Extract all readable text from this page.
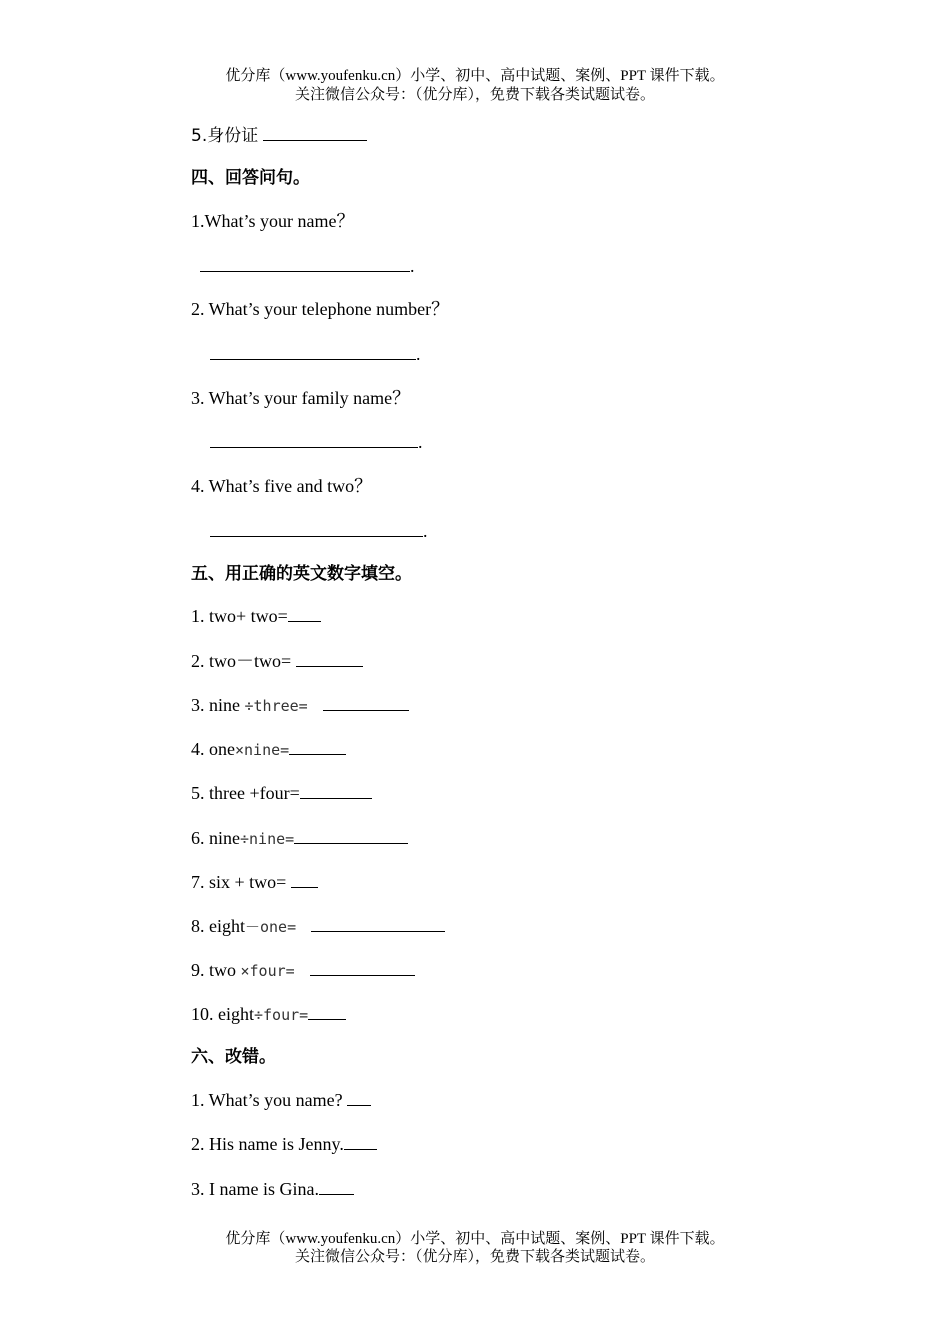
优分库（www.youfenku.cn）小学、初中、高中试题、案例、PPT 课件下载。
关注微信公众号：（优分库），免费下载各类试题试卷。
5.身份证
四、回答问句。
1.What’s your name？
.
2. What’s your telephone number？
.
3. What’s your family name？
.
4. What’s five and two？
.
五、用正确的英文数字填空。
1. two+ two=
2. two－two=
3. nine ÷three=
4. one×nine=
5. three +four=
6. nine÷nine=
7. six + two=
8. eight－one=
9. two ×four=
10. eight÷four=
六、改错。
1. What’s you name?
2. His name is Jenny.
3. I name is Gina.
优分库（www.youfenku.cn）小学、初中、高中试题、案例、PPT 课件下载。
关注微信公众号：（优分库），免费下载各类试题试卷。
